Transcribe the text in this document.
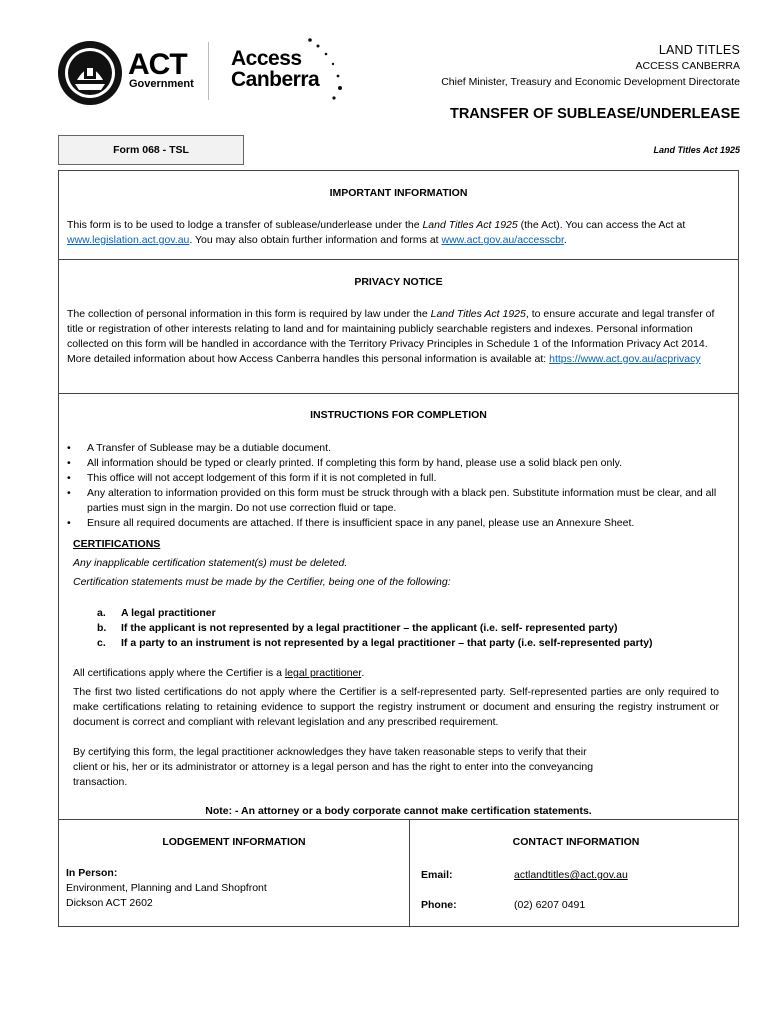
ACT
Government
Access
Canberra
LAND TITLES
ACCESS CANBERRA
Chief Minister, Treasury and Economic Development Directorate
TRANSFER OF SUBLEASE/UNDERLEASE
Form 068 - TSL	Land Titles Act 1925
IMPORTANT INFORMATION
This form is to be used to lodge a transfer of sublease/underlease under the Land Titles Act 1925 (the Act). You can access the Act at www.legislation.act.gov.au. You may also obtain further information and forms at www.act.gov.au/accesscbr.
PRIVACY NOTICE
The collection of personal information in this form is required by law under the Land Titles Act 1925, to ensure accurate and legal transfer of title or registration of other interests relating to land and for maintaining publicly searchable registers and indexes. Personal information collected on this form will be handled in accordance with the Territory Privacy Principles in Schedule 1 of the Information Privacy Act 2014. More detailed information about how Access Canberra handles this personal information is available at: https://www.act.gov.au/acprivacy
INSTRUCTIONS FOR COMPLETION
• A Transfer of Sublease may be a dutiable document.
• All information should be typed or clearly printed. If completing this form by hand, please use a solid black pen only.
• This office will not accept lodgement of this form if it is not completed in full.
• Any alteration to information provided on this form must be struck through with a black pen. Substitute information must be clear, and all parties must sign in the margin. Do not use correction fluid or tape.
• Ensure all required documents are attached. If there is insufficient space in any panel, please use an Annexure Sheet.
CERTIFICATIONS
Any inapplicable certification statement(s) must be deleted.
Certification statements must be made by the Certifier, being one of the following:
a. A legal practitioner
b. If the applicant is not represented by a legal practitioner – the applicant (i.e. self- represented party)
c. If a party to an instrument is not represented by a legal practitioner – that party (i.e. self-represented party)
All certifications apply where the Certifier is a legal practitioner.
The first two listed certifications do not apply where the Certifier is a self-represented party. Self-represented parties are only required to make certifications relating to retaining evidence to support the registry instrument or document and ensuring the registry instrument or document is correct and compliant with relevant legislation and any prescribed requirement.
By certifying this form, the legal practitioner acknowledges they have taken reasonable steps to verify that their
client or his, her or its administrator or attorney is a legal person and has the right to enter into the conveyancing
transaction.
Note: - An attorney or a body corporate cannot make certification statements.
LODGEMENT INFORMATION	CONTACT INFORMATION
In Person:
Environment, Planning and Land Shopfront
Dickson ACT 2602
Email:	actlandtitles@act.gov.au
Phone:	(02) 6207 0491
